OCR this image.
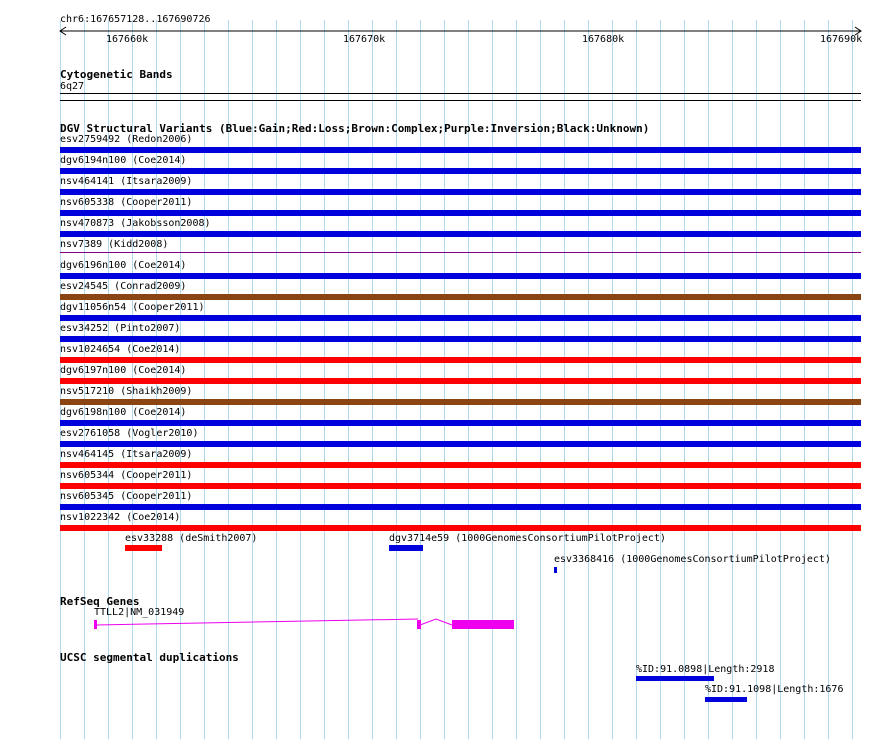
chr6:167657128..167690726
167660k	167670k	167680k	167690k
Cytogenetic Bands
6q27
DGV Structural Variants (Blue:Gain;Red:Loss;Brown:Complex;Purple:Inversion;Black:Unknown)
esv2759492 (Redon2006)
dgv6194n100 (Coe2014)
nsv464141 (Itsara2009)
nsv605338 (Cooper2011)
nsv470873 (Jakobsson2008)
nsv7389 (Kidd2008)
dgv6196n100 (Coe2014)
esv24545 (Conrad2009)
dgv11056n54 (Cooper2011)
esv34252 (Pinto2007)
nsv1024654 (Coe2014)
dgv6197n100 (Coe2014)
nsv517210 (Shaikh2009)
dgv6198n100 (Coe2014)
esv2761058 (Vogler2010)
nsv464145 (Itsara2009)
nsv605344 (Cooper2011)
nsv605345 (Cooper2011)
nsv1022342 (Coe2014)
esv33288 (deSmith2007)	dgv3714e59 (1000GenomesConsortiumPilotProject)
esv3368416 (1000GenomesConsortiumPilotProject)
RefSeq Genes
TTLL2|NM_031949
UCSC segmental duplications
%ID:91.0898|Length:2918
%ID:91.1098|Length:1676
